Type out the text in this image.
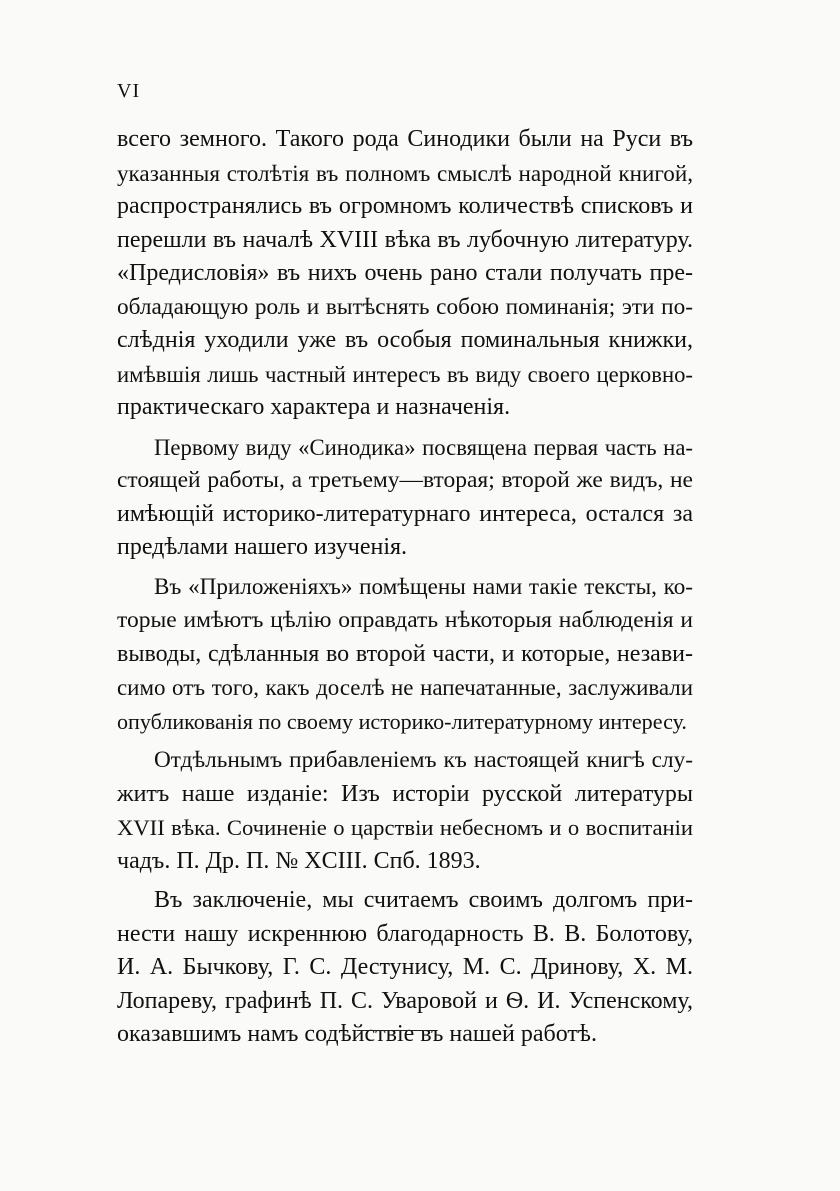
VI
всего земного. Такого рода Синодики были на Руси въ
указанныя столѣтія въ полномъ смыслѣ народной книгой,
распространялись въ огромномъ количествѣ списковъ и
перешли въ началѣ XVIII вѣка въ лубочную литературу.
«Предисловія» въ нихъ очень рано стали получать пре-
обладающую роль и вытѣснять собою поминанія; эти по-
слѣднія уходили уже въ особыя поминальныя книжки,
имѣвшія лишь частный интересъ въ виду своего церковно-
практическаго характера и назначенія.
Первому виду «Синодика» посвящена первая часть на-
стоящей работы, а третьему—вторая; второй же видъ, не
имѣющій историко-литературнаго интереса, остался за
предѣлами нашего изученія.
Въ «Приложеніяхъ» помѣщены нами такіе тексты, ко-
торые имѣютъ цѣлію оправдать нѣкоторыя наблюденія и
выводы, сдѣланныя во второй части, и которые, незави-
симо отъ того, какъ доселѣ не напечатанные, заслуживали
опубликованія по своему историко-литературному интересу.
Отдѣльнымъ прибавленіемъ къ настоящей книгѣ слу-
житъ наше изданіе: Изъ исторіи русской литературы
XVII вѣка. Сочиненіе о царствіи небесномъ и о воспитаніи
чадъ. П. Др. П. № XCIII. Спб. 1893.
Въ заключеніе, мы считаемъ своимъ долгомъ при-
нести нашу искреннюю благодарность В. В. Болотову,
И. А. Бычкову, Г. С. Дестунису, М. С. Дринову, Х. М.
Лопареву, графинѣ П. С. Уваровой и Ѳ. И. Успенскому,
оказавшимъ намъ содѣйствіе въ нашей работѣ.
